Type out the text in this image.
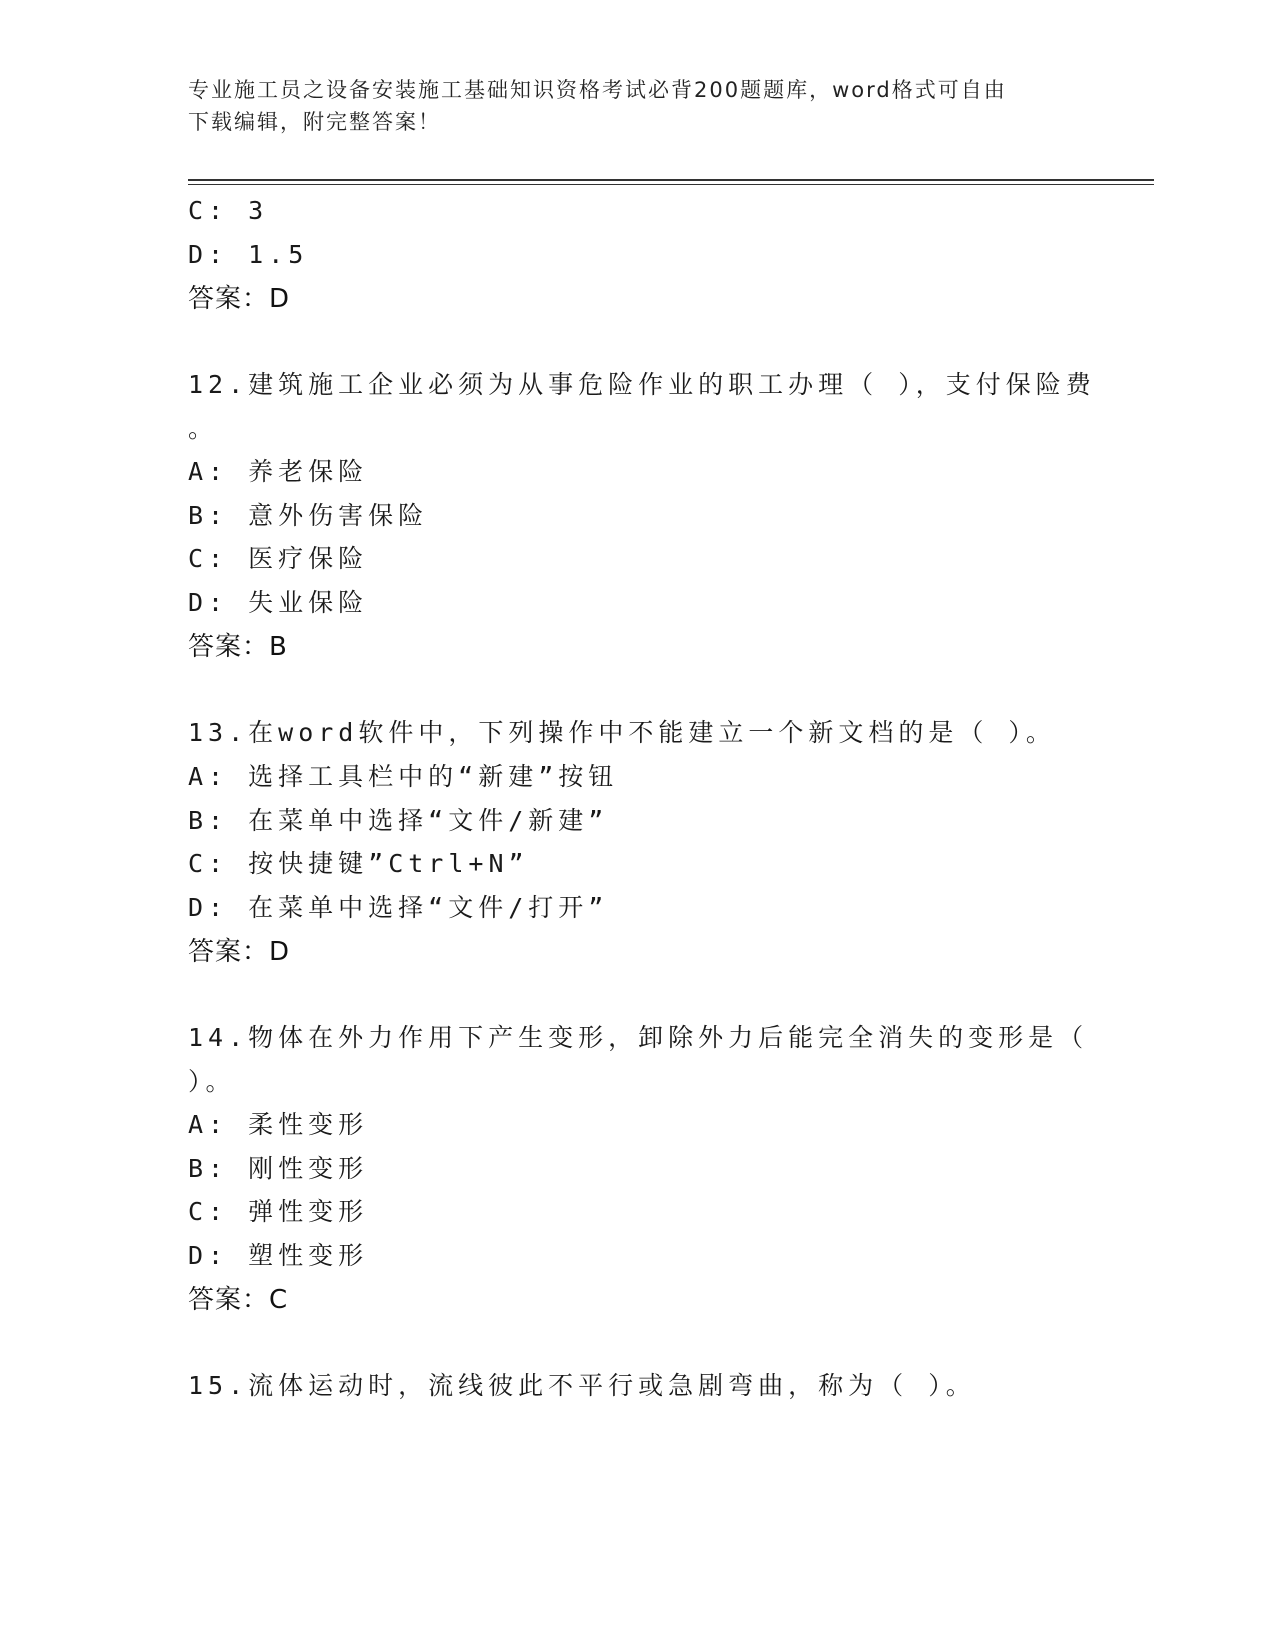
专业施工员之设备安装施工基础知识资格考试必背200题题库，word格式可自由
下载编辑，附完整答案！
C: 3
D: 1.5
答案：D
12.建筑施工企业必须为从事危险作业的职工办理（ ），支付保险费
。
A: 养老保险
B: 意外伤害保险
C: 医疗保险
D: 失业保险
答案：B
13.在word软件中，下列操作中不能建立一个新文档的是（ ）。
A: 选择工具栏中的“新建”按钮
B: 在菜单中选择“文件/新建”
C: 按快捷键”Ctrl+N”
D: 在菜单中选择“文件/打开”
答案：D
14.物体在外力作用下产生变形，卸除外力后能完全消失的变形是（
）。
A: 柔性变形
B: 刚性变形
C: 弹性变形
D: 塑性变形
答案：C
15.流体运动时，流线彼此不平行或急剧弯曲，称为（ ）。
